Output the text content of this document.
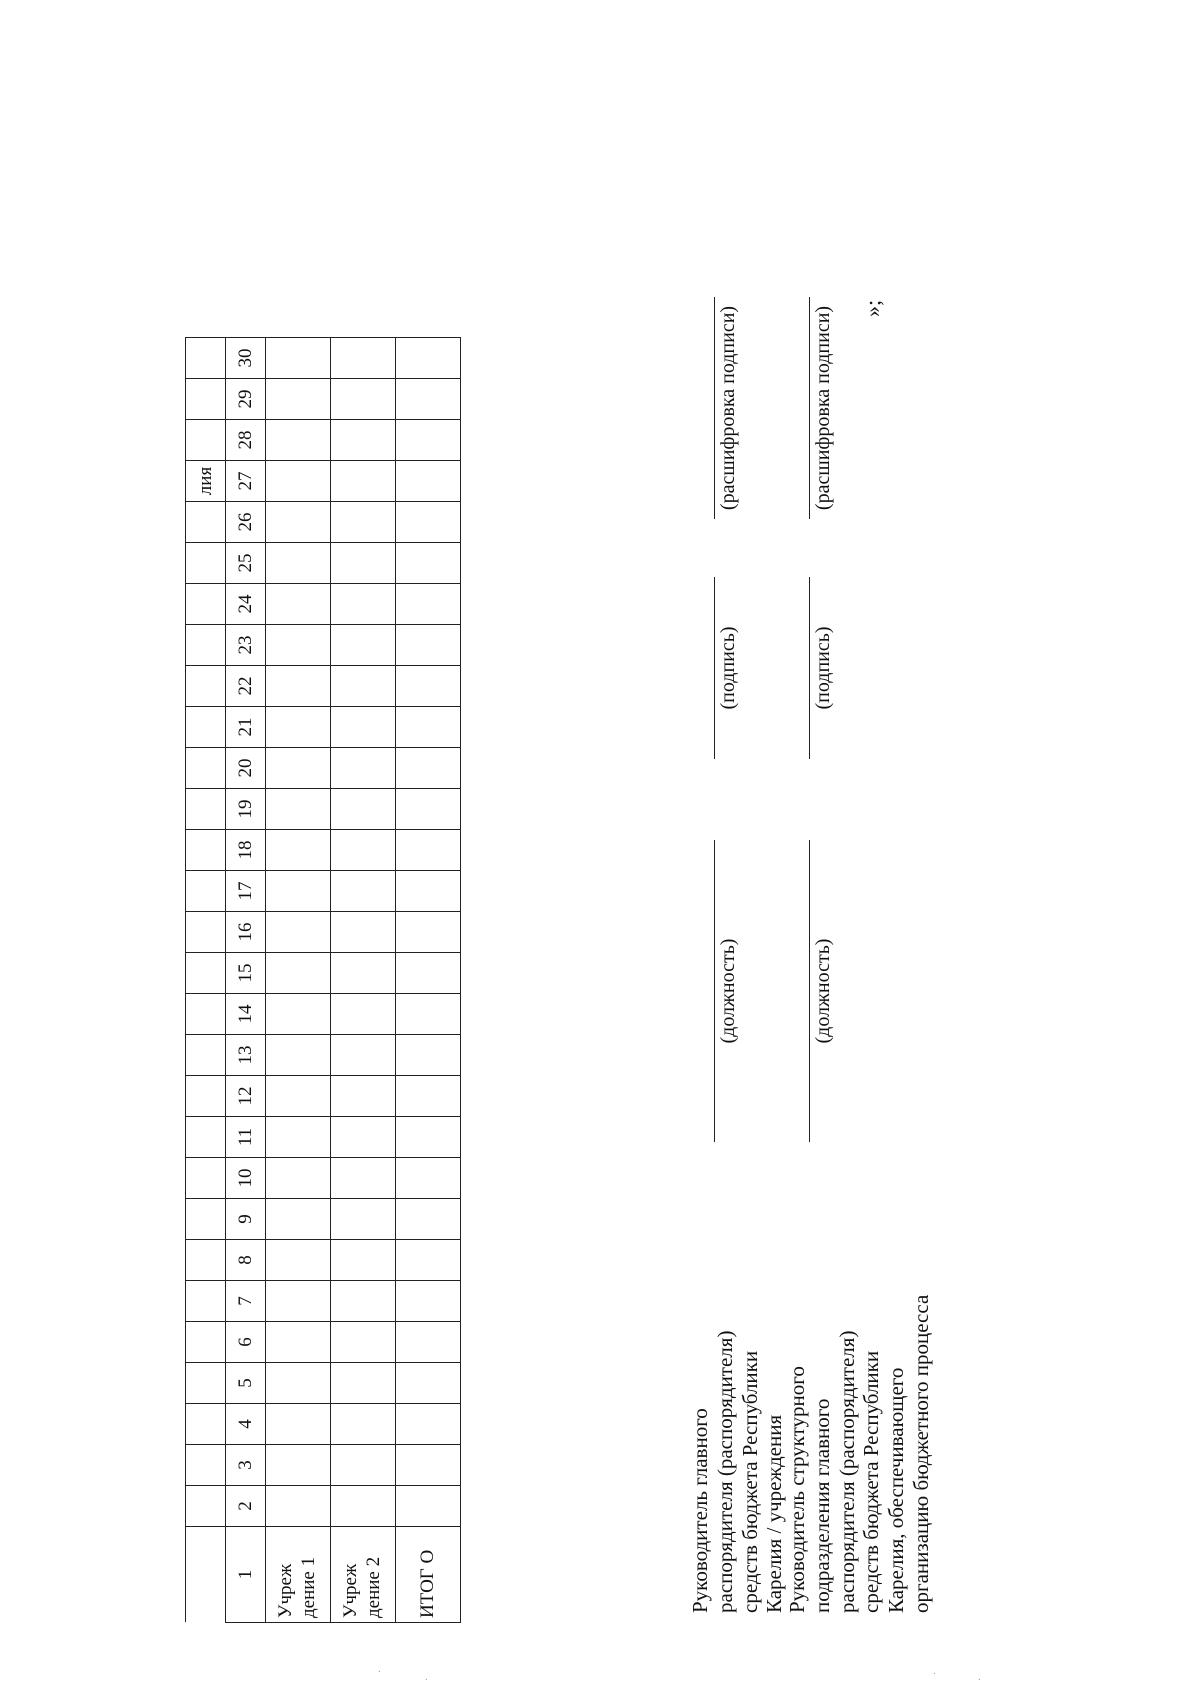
																										лия			
1	2	3	4	5	6	7	8	9	10	11	12	13	14	15	16	17	18	19	20	21	22	23	24	25	26	27	28	29	30
Учреж дение 1																													
Учреж дение 2																													
ИТОГ О																														Руководитель главного распорядителя (распорядителя) средств бюджета Республики Карелия / учреждения
(должность)
(подпись)
(расшифровка подписи)
Руководитель структурного подразделения главного распорядителя (распорядителя) средств бюджета Республики Карелия, обеспечивающего организацию бюджетного процесса
(должность)
(подпись)
(расшифровка подписи) »;
·
·
·
·
